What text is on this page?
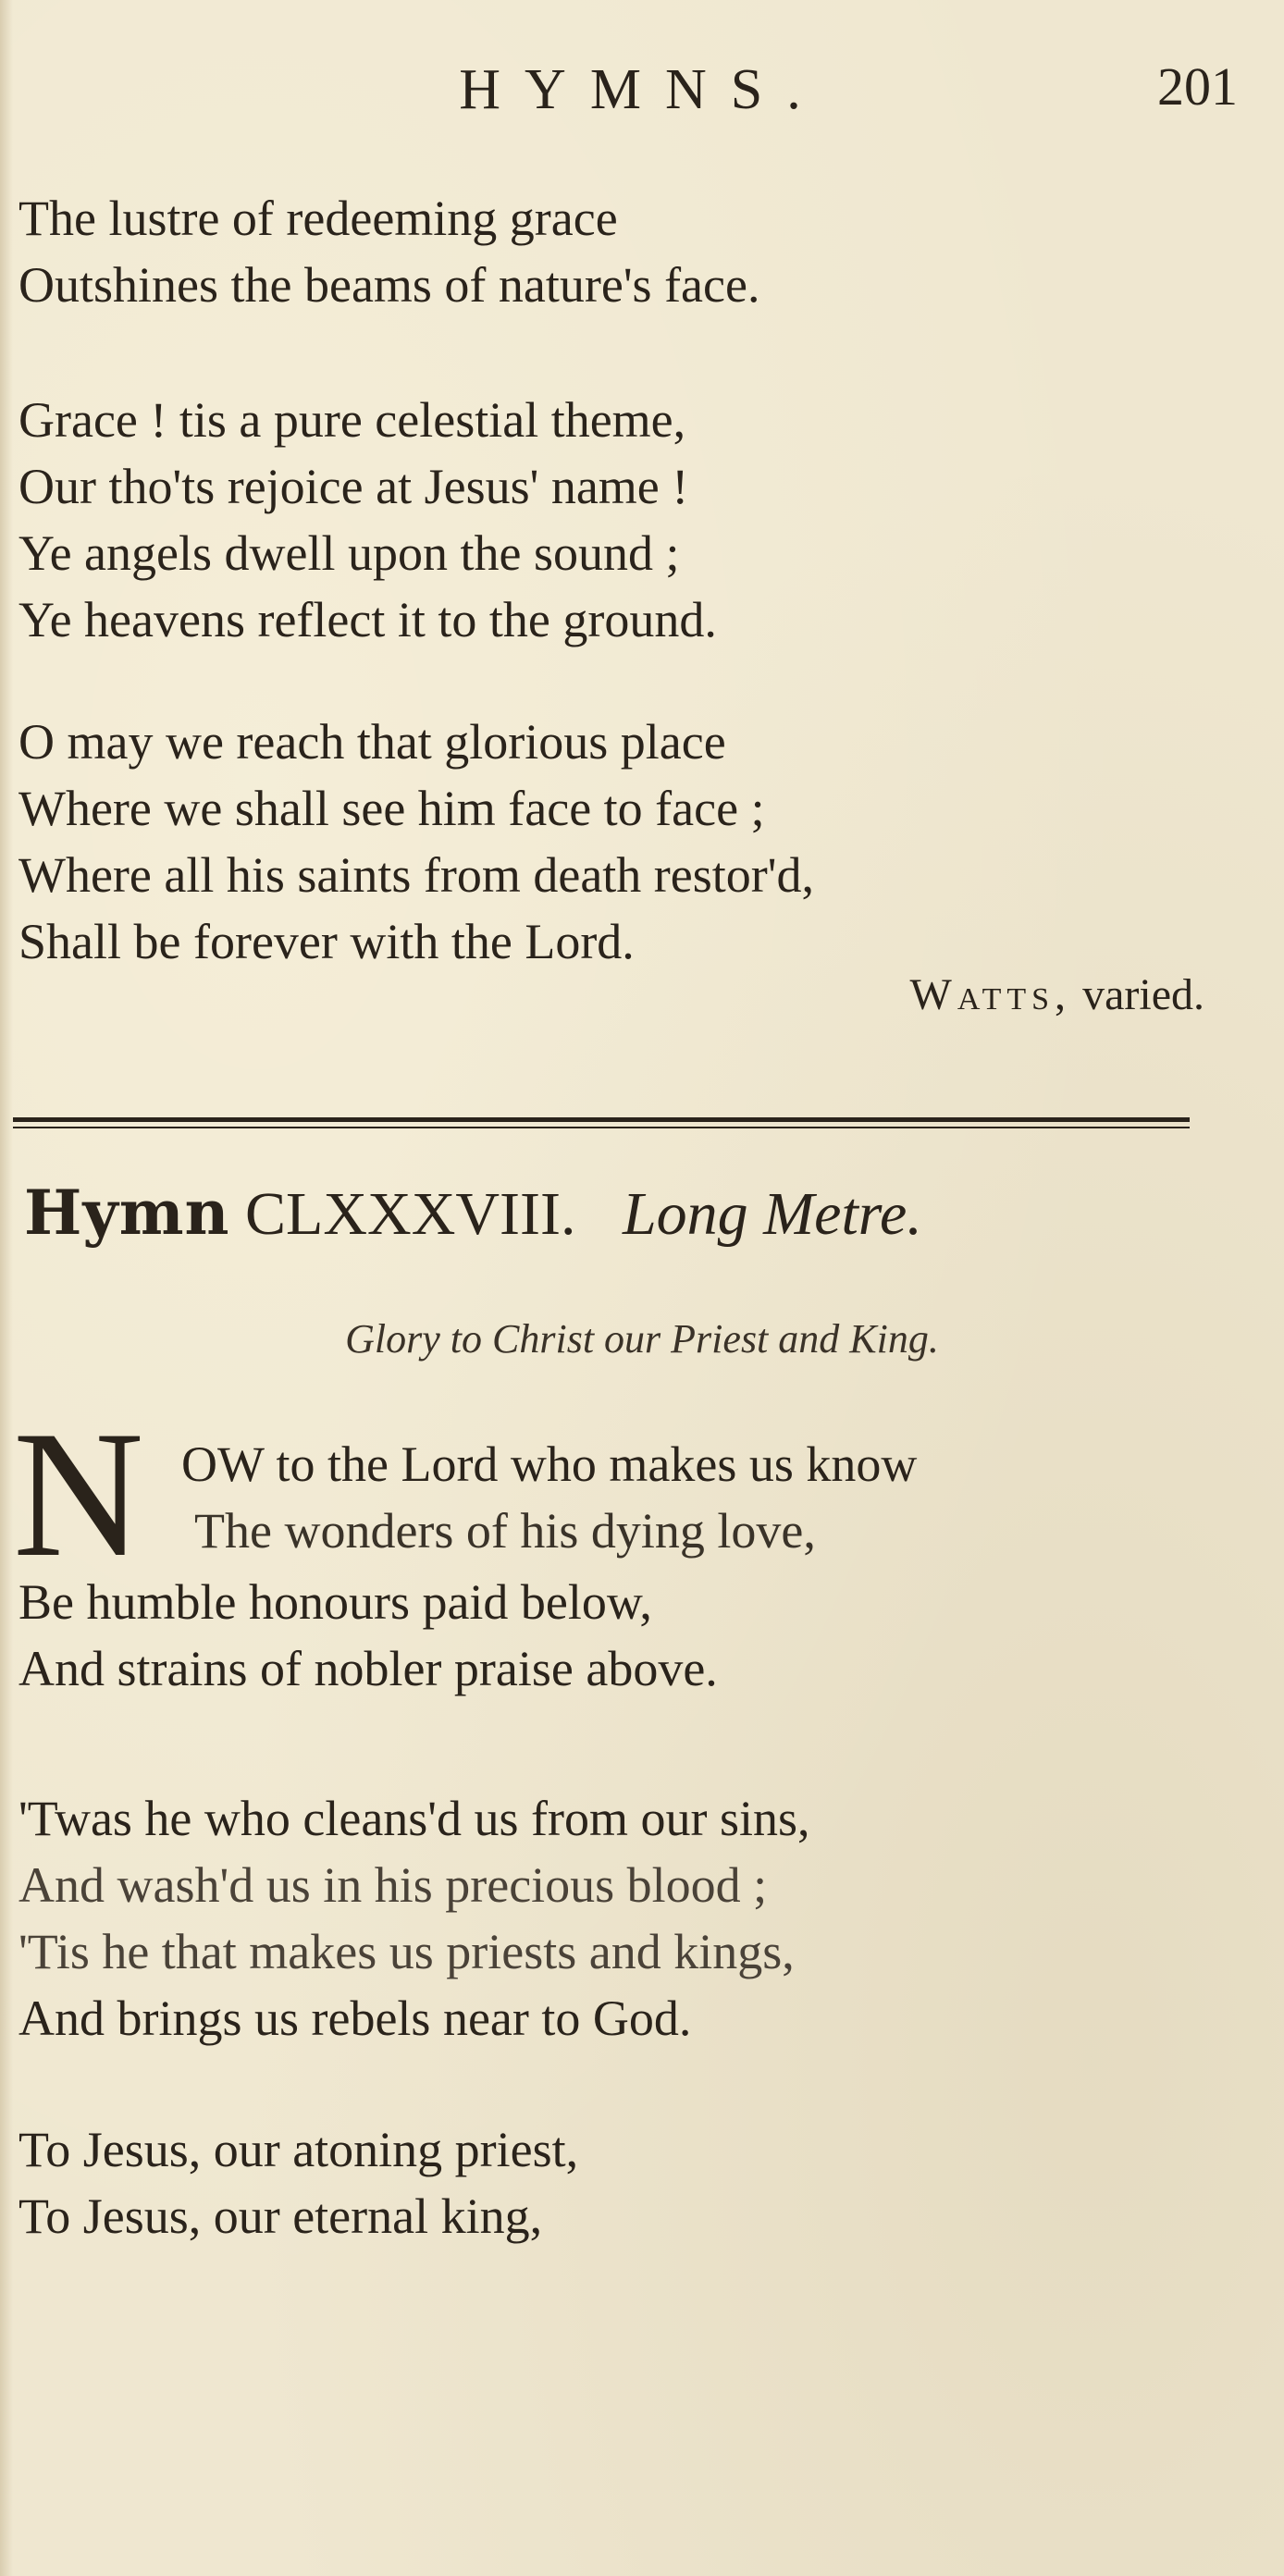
HYMNS.	201
The lustre of redeeming grace
Outshines the beams of nature's face.
Grace ! tis a pure celestial theme,
Our tho'ts rejoice at Jesus' name !
Ye angels dwell upon the sound ;
Ye heavens reflect it to the ground.
O may we reach that glorious place
Where we shall see him face to face ;
Where all his saints from death restor'd,
Shall be forever with the Lord.
Watts, varied.
Hymn CLXXXVIII. Long Metre.
Glory to Christ our Priest and King.
N OW to the Lord who makes us know
The wonders of his dying love,
Be humble honours paid below,
And strains of nobler praise above.
'Twas he who cleans'd us from our sins,
And wash'd us in his precious blood ;
'Tis he that makes us priests and kings,
And brings us rebels near to God.
To Jesus, our atoning priest,
To Jesus, our eternal king,
